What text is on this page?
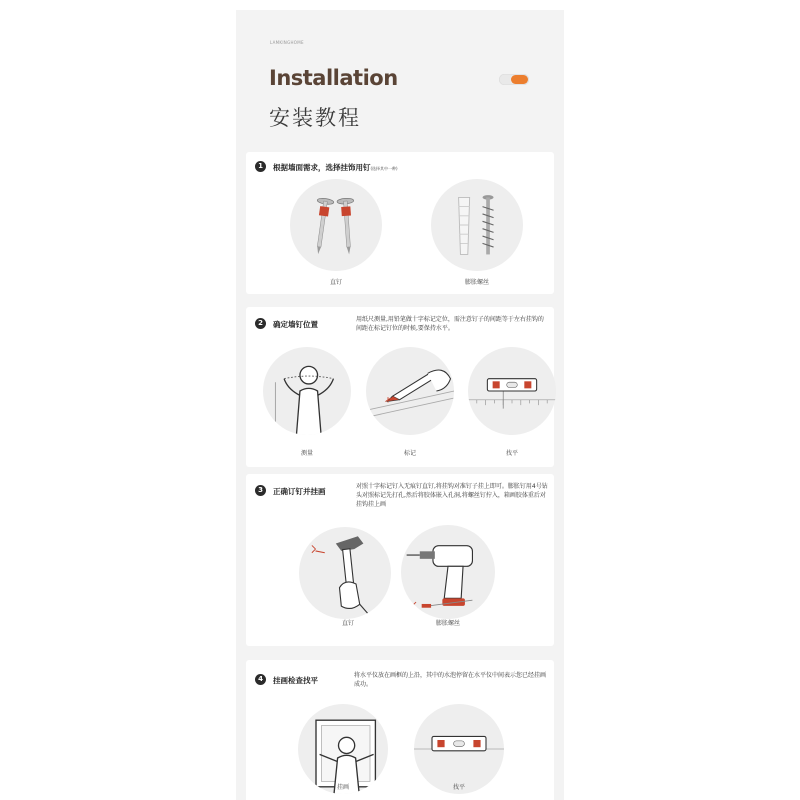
LAMKINGHOME
Installation
安装教程
1	根据墙面需求，选择挂饰用钉(选择其中一种)
直钉	膨胀螺丝
2	确定墙钉位置
用纸尺测量,用铅笔做十字标记定位，需注意钉子的间距等于左右挂钩的间距在标记钉位的时候,要保持水平。
测量	标记	找平
3	正确订钉并挂画
对照十字标记钉入无痕钉直钉,将挂钩对准钉子挂上即可。膨胀钉用4号钻头对照标记先打孔,然后将胶体嵌入孔洞,将螺丝钉拧入，箱画胶体重后对挂钩挂上画
直钉	膨胀螺丝
4	挂画检查找平
将水平仪放在画框的上沿，其中的水泡停留在水平仪中间表示您已经挂画成功。
挂画	找平
